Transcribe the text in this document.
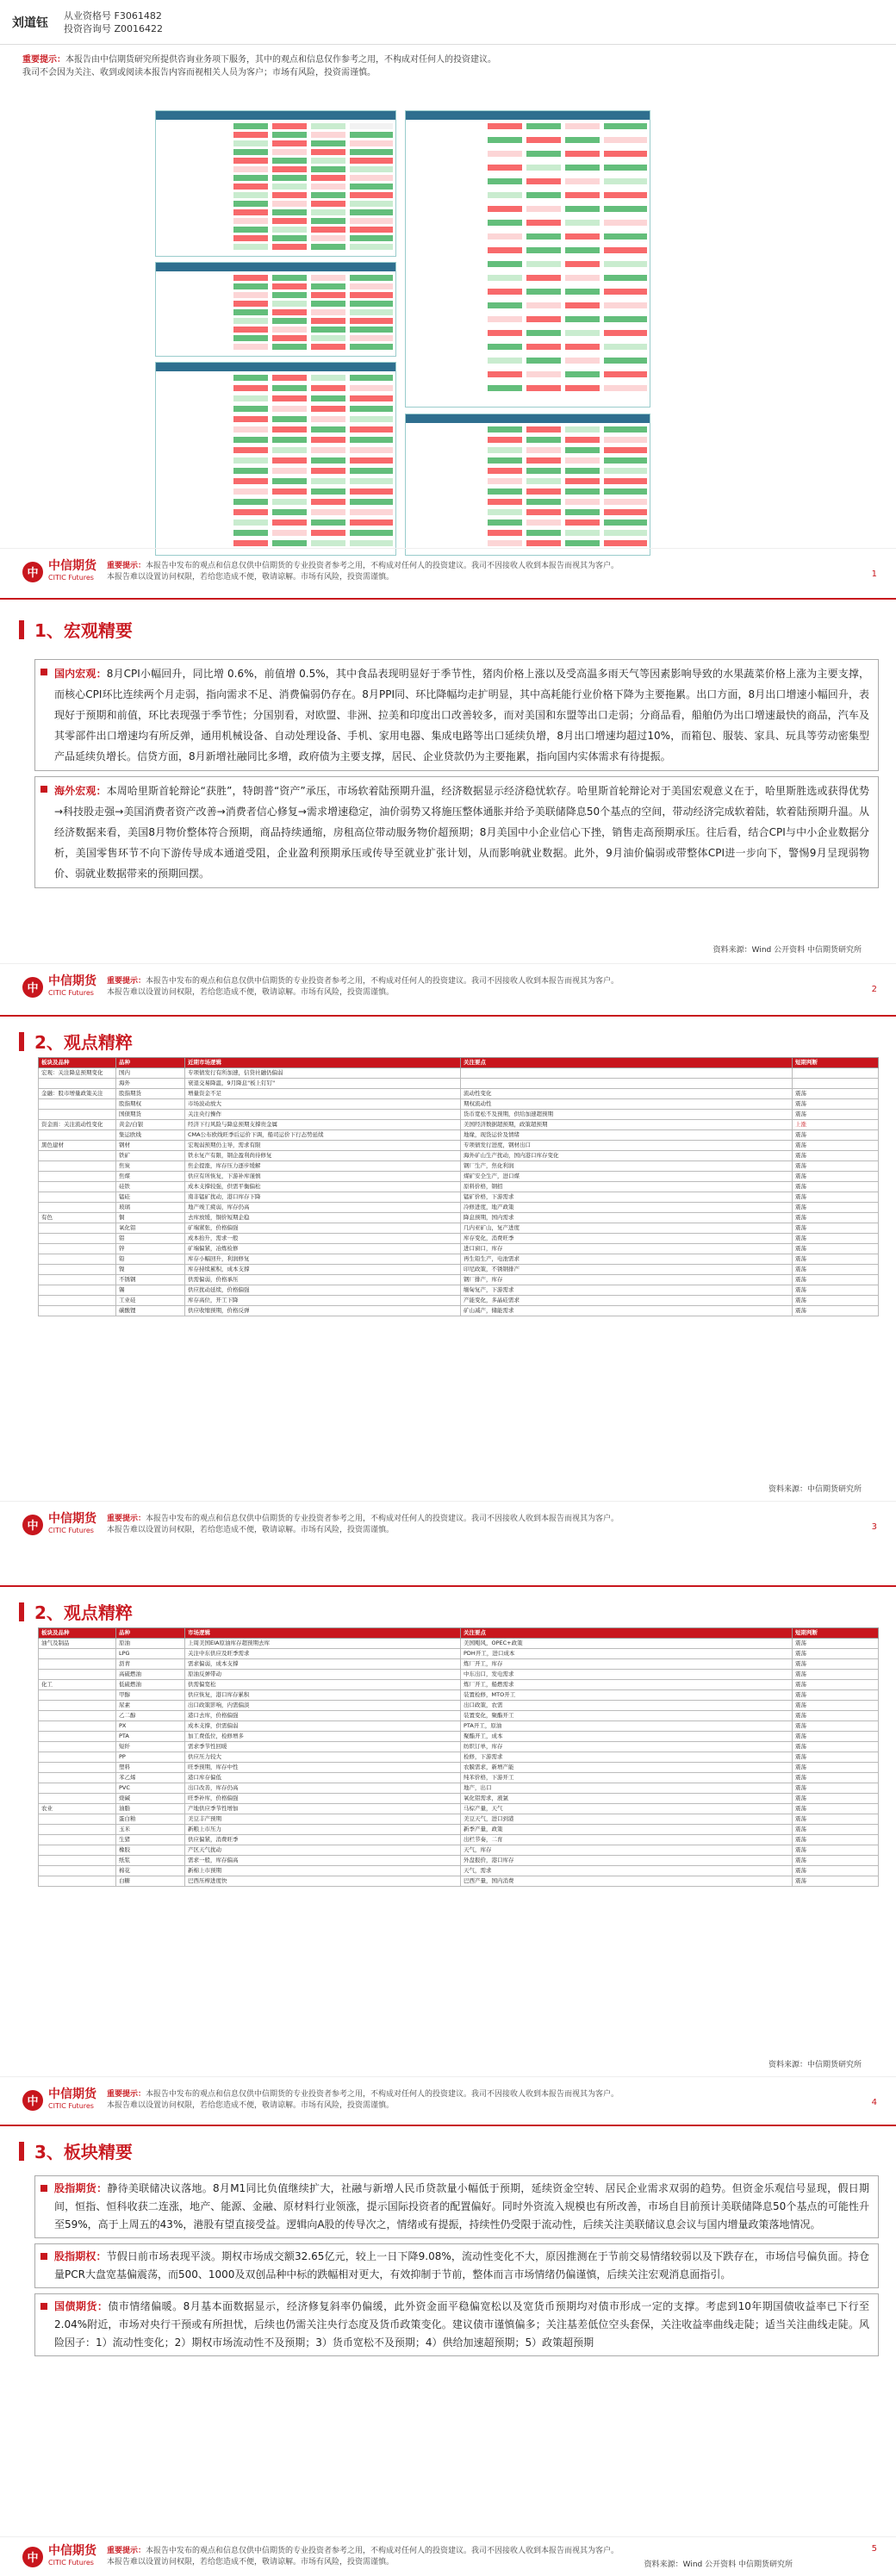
刘道钰
从业资格号 F3061482
投资咨询号 Z0016422
重要提示：本报告由中信期货研究所提供咨询业务项下服务，其中的观点和信息仅作参考之用，不构成对任何人的投资建议。
我司不会因为关注、收到或阅读本报告内容而视相关人员为客户；市场有风险，投资需谨慎。
中
中信期货
CITIC Futures
重要提示：本报告中发布的观点和信息仅供中信期货的专业投资者参考之用，不构成对任何人的投资建议。我司不因接收人收到本报告而视其为客户。
本报告难以设置访问权限，若给您造成不便，敬请谅解。市场有风险，投资需谨慎。	1
1、宏观精要
国内宏观：8月CPI小幅回升，同比增 0.6%，前值增 0.5%，其中食品表现明显好于季节性，猪肉价格上涨以及受高温多雨天气等因素影响导致的水果蔬菜价格上涨为主要支撑，而核心CPI环比连续两个月走弱，指向需求不足、消费偏弱仍存在。8月PPI同、环比降幅均走扩明显，其中高耗能行业价格下降为主要拖累。出口方面，8月出口增速小幅回升，表现好于预期和前值，环比表现强于季节性；分国别看，对欧盟、非洲、拉美和印度出口改善较多，而对美国和东盟等出口走弱；分商品看，船舶仍为出口增速最快的商品，汽车及其零部件出口增速均有所反弹，通用机械设备、自动处理设备、手机、家用电器、集成电路等出口延续负增，8月出口增速均超过10%，而箱包、服装、家具、玩具等劳动密集型产品延续负增长。信贷方面，8月新增社融同比多增，政府债为主要支撑，居民、企业贷款仍为主要拖累，指向国内实体需求有待提振。
海外宏观：本周哈里斯首轮辩论“获胜”，特朗普“资产”承压，市场软着陆预期升温，经济数据显示经济稳忧软存。哈里斯首轮辩论对于美国宏观意义在于，哈里斯胜选或获得优势→科技股走强→美国消费者资产改善→消费者信心修复→需求增速稳定，油价弱势又将施压整体通胀并给予美联储降息50个基点的空间，带动经济完成软着陆，软着陆预期升温。从经济数据来看，美国8月物价整体符合预期，商品持续通缩，房租高位带动服务物价超预期；8月美国中小企业信心下挫，销售走高预期承压。往后看，结合CPI与中小企业数据分析，美国零售环节不向下游传导成本通道受阻，企业盈利预期承压或传导至就业扩张计划，从而影响就业数据。此外，9月油价偏弱或带整体CPI进一步向下，警惕9月呈现弱物价、弱就业数据带来的预期回摆。
资料来源：Wind 公开资料 中信期货研究所
中
中信期货
CITIC Futures
重要提示：本报告中发布的观点和信息仅供中信期货的专业投资者参考之用，不构成对任何人的投资建议。我司不因接收人收到本报告而视其为客户。
本报告难以设置访问权限，若给您造成不便，敬请谅解。市场有风险，投资需谨慎。	2
2、观点精粹
板块及品种	品种	近期市场逻辑	关注要点	短期判断
宏观：关注降息预期变化	国内	专项债发行有所加速，信贷社融仍偏弱		
	海外	衰退交易降温，9月降息"板上钉钉"		
金融：股市增量政策关注	股指期货	增量资金不足	流动性变化	震荡
	股指期权	市场波动放大	期权流动性	震荡
	国债期货	关注央行操作	货币宽松不及预期，供给加速超预期	震荡
资金面：关注流动性变化	黄金/白银	经济下行风险与降息预期支撑贵金属	美国经济数据超预期，政策超预期	上涨
	集运欧线	CMA公布欧线旺季后运价下调，船司运价下行态势延续	地缘，现货运价及情绪	震荡
黑色建材	钢材	宏观弱预期仍主导，需求有限	专项债发行进度，钢材出口	震荡
	铁矿	铁水复产有限，钢企盈利尚待修复	海外矿山生产扰动，国内港口库存变化	震荡
	焦炭	焦企提涨，库存压力逐步缓解	钢厂生产，焦化利润	震荡
	焦煤	供应有所恢复，下游补库谨慎	煤矿安全生产，进口煤	震荡
	硅铁	成本支撑较强，供需平衡偏松	原料价格，钢招	震荡
	锰硅	南非锰矿扰动，港口库存下降	锰矿价格，下游需求	震荡
	玻璃	地产竣工疲弱，库存仍高	冷修进度，地产政策	震荡
有色	铜	去库放缓，铜价短期企稳	降息预期，国内需求	震荡
	氧化铝	矿端紧张，价格偏强	几内亚矿山，复产进度	震荡
	铝	成本抬升，需求一般	库存变化，消费旺季	震荡
	锌	矿端偏紧，冶炼检修	进口窗口，库存	震荡
	铅	库存小幅回升，利润修复	再生铅生产，电池需求	震荡
	镍	库存持续累积，成本支撑	印尼政策，不锈钢排产	震荡
	不锈钢	供需偏弱，价格承压	钢厂排产，库存	震荡
	锡	供应扰动延续，价格偏强	缅甸复产，下游需求	震荡
	工业硅	库存高位，开工下降	产能变化，多晶硅需求	震荡
	碳酸锂	供应收缩预期，价格反弹	矿山减产，储能需求	震荡
资料来源：中信期货研究所
中
中信期货
CITIC Futures
重要提示：本报告中发布的观点和信息仅供中信期货的专业投资者参考之用，不构成对任何人的投资建议。我司不因接收人收到本报告而视其为客户。
本报告难以设置访问权限，若给您造成不便，敬请谅解。市场有风险，投资需谨慎。	3
2、观点精粹
板块及品种	品种	市场逻辑	关注要点	短期判断
油气及制品	原油	上周美国EIA原油库存超预期去库	美国飓风，OPEC+政策	震荡
	LPG	关注中东供应及旺季需求	PDH开工，进口成本	震荡
	沥青	需求偏弱，成本支撑	炼厂开工，库存	震荡
	高硫燃油	原油反弹带动	中东出口，发电需求	震荡
化工	低硫燃油	供需偏宽松	炼厂开工，船燃需求	震荡
	甲醇	供应恢复，港口库存累积	装置检修，MTO开工	震荡
	尿素	出口政策影响，内需偏淡	出口政策，农需	震荡
	乙二醇	港口去库，价格偏强	装置变化，聚酯开工	震荡
	PX	成本支撑，供需偏弱	PTA开工，原油	震荡
	PTA	加工费低位，检修增多	聚酯开工，成本	震荡
	短纤	需求季节性回暖	纺织订单，库存	震荡
	PP	供应压力较大	检修，下游需求	震荡
	塑料	旺季预期，库存中性	农膜需求，新增产能	震荡
	苯乙烯	港口库存偏低	纯苯价格，下游开工	震荡
	PVC	出口改善，库存仍高	地产，出口	震荡
	烧碱	旺季补库，价格偏强	氧化铝需求，液氯	震荡
农业	油脂	产地供应季节性增加	马棕产量，天气	震荡
	蛋白粕	美豆丰产预期	美豆天气，进口到港	震荡
	玉米	新粮上市压力	新季产量，政策	震荡
	生猪	供应偏紧，消费旺季	出栏节奏，二育	震荡
	橡胶	产区天气扰动	天气，库存	震荡
	纸浆	需求一般，库存偏高	外盘报价，港口库存	震荡
	棉花	新棉上市预期	天气，需求	震荡
	白糖	巴西压榨进度快	巴西产量，国内消费	震荡
资料来源：中信期货研究所
中
中信期货
CITIC Futures
重要提示：本报告中发布的观点和信息仅供中信期货的专业投资者参考之用，不构成对任何人的投资建议。我司不因接收人收到本报告而视其为客户。
本报告难以设置访问权限，若给您造成不便，敬请谅解。市场有风险，投资需谨慎。	4
3、板块精要
股指期货：静待美联储决议落地。8月M1同比负值继续扩大，社融与新增人民币贷款量小幅低于预期，延续资金空转、居民企业需求双弱的趋势。但资金乐观信号显现，假日期间，恒指、恒科收获二连涨，地产、能源、金融、原材料行业领涨，提示国际投资者的配置偏好。同时外资流入规模也有所改善，市场自目前预计美联储降息50个基点的可能性升至59%，高于上周五的43%，港股有望直接受益。逻辑向A股的传导次之，情绪或有提振，持续性仍受限于流动性，后续关注美联储议息会议与国内增量政策落地情况。
股指期权：节假日前市场表现平淡。期权市场成交额32.65亿元，较上一日下降9.08%，流动性变化不大，原因推测在于节前交易情绪较弱以及下跌存在，市场信号偏负面。持仓量PCR大盘宽基偏震荡，而500、1000及双创品种中标的跌幅相对更大，有效抑制于节前，整体而言市场情绪仍偏谨慎，后续关注宏观消息面指引。
国债期货：债市情绪偏暖。8月基本面数据显示，经济修复斜率仍偏缓，此外资金面平稳偏宽松以及宽货币预期均对债市形成一定的支撑。考虑到10年期国债收益率已下行至2.04%附近，市场对央行干预或有所担忧，后续也仍需关注央行态度及货币政策变化。建议债市谨慎偏多；关注基差低位空头套保，关注收益率曲线走陡；适当关注曲线走陡。风险因子：1）流动性变化；2）期权市场流动性不及预期；3）货币宽松不及预期；4）供给加速超预期；5）政策超预期
资料来源：Wind 公开资料 中信期货研究所
中
中信期货
CITIC Futures
重要提示：本报告中发布的观点和信息仅供中信期货的专业投资者参考之用，不构成对任何人的投资建议。我司不因接收人收到本报告而视其为客户。
本报告难以设置访问权限，若给您造成不便，敬请谅解。市场有风险，投资需谨慎。
5
